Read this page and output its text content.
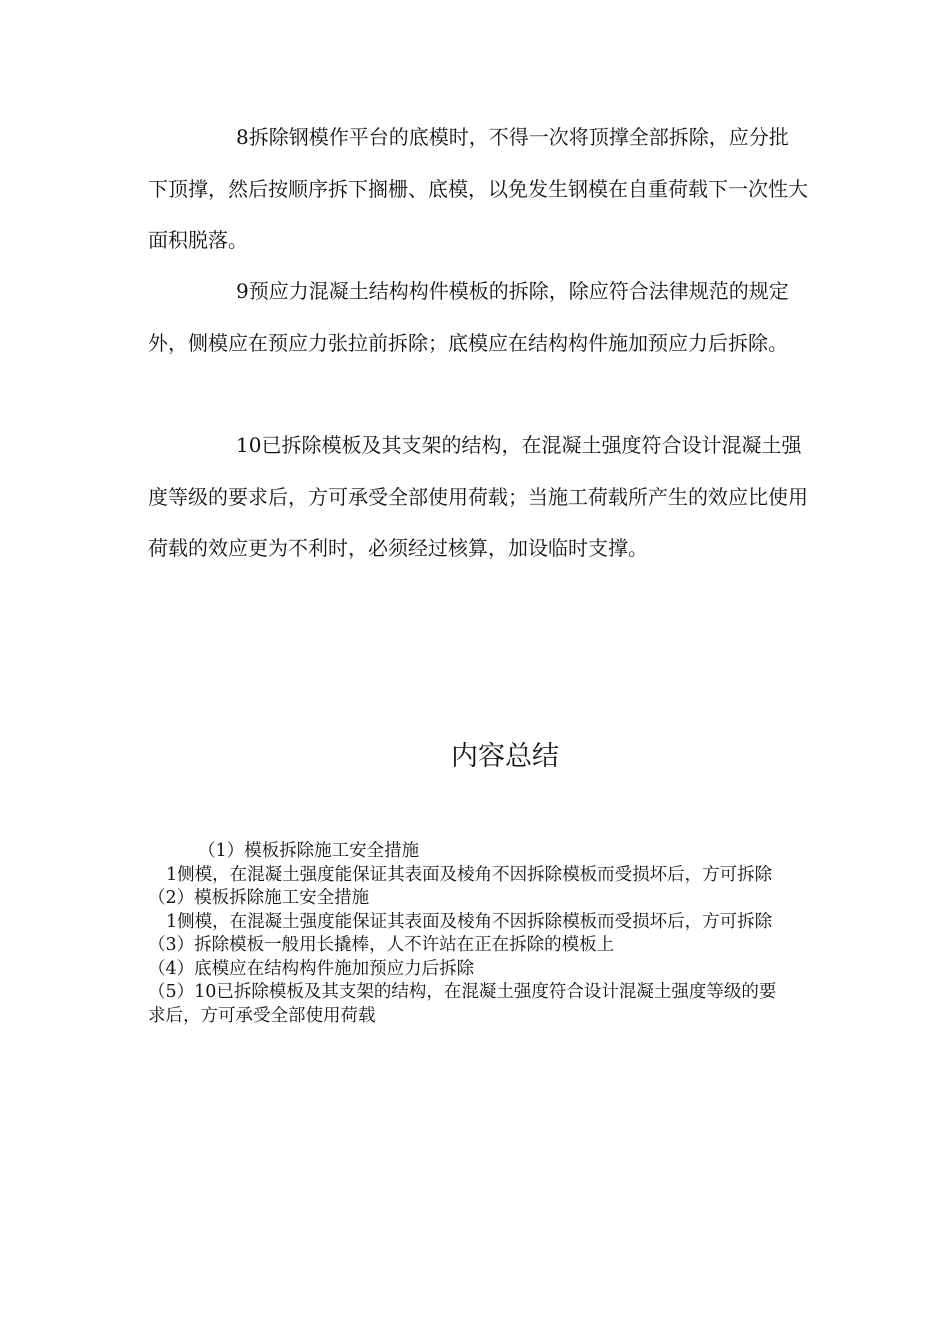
8拆除钢模作平台的底模时，不得一次将顶撑全部拆除，应分批下顶撑，然后按顺序拆下搁栅、底模，以免发生钢模在自重荷载下一次性大面积脱落。

9预应力混凝土结构构件模板的拆除，除应符合法律规范的规定外，侧模应在预应力张拉前拆除；底模应在结构构件施加预应力后拆除。

10已拆除模板及其支架的结构，在混凝土强度符合设计混凝土强度等级的要求后，方可承受全部使用荷载；当施工荷载所产生的效应比使用荷载的效应更为不利时，必须经过核算，加设临时支撑。

内容总结

（1）模板拆除施工安全措施

1侧模，在混凝土强度能保证其表面及棱角不因拆除模板而受损坏后，方可拆除

（2）模板拆除施工安全措施

1侧模，在混凝土强度能保证其表面及棱角不因拆除模板而受损坏后，方可拆除

（3）拆除模板一般用长撬棒，人不许站在正在拆除的模板上

（4）底模应在结构构件施加预应力后拆除

（5）10已拆除模板及其支架的结构，在混凝土强度符合设计混凝土强度等级的要求后，方可承受全部使用荷载
